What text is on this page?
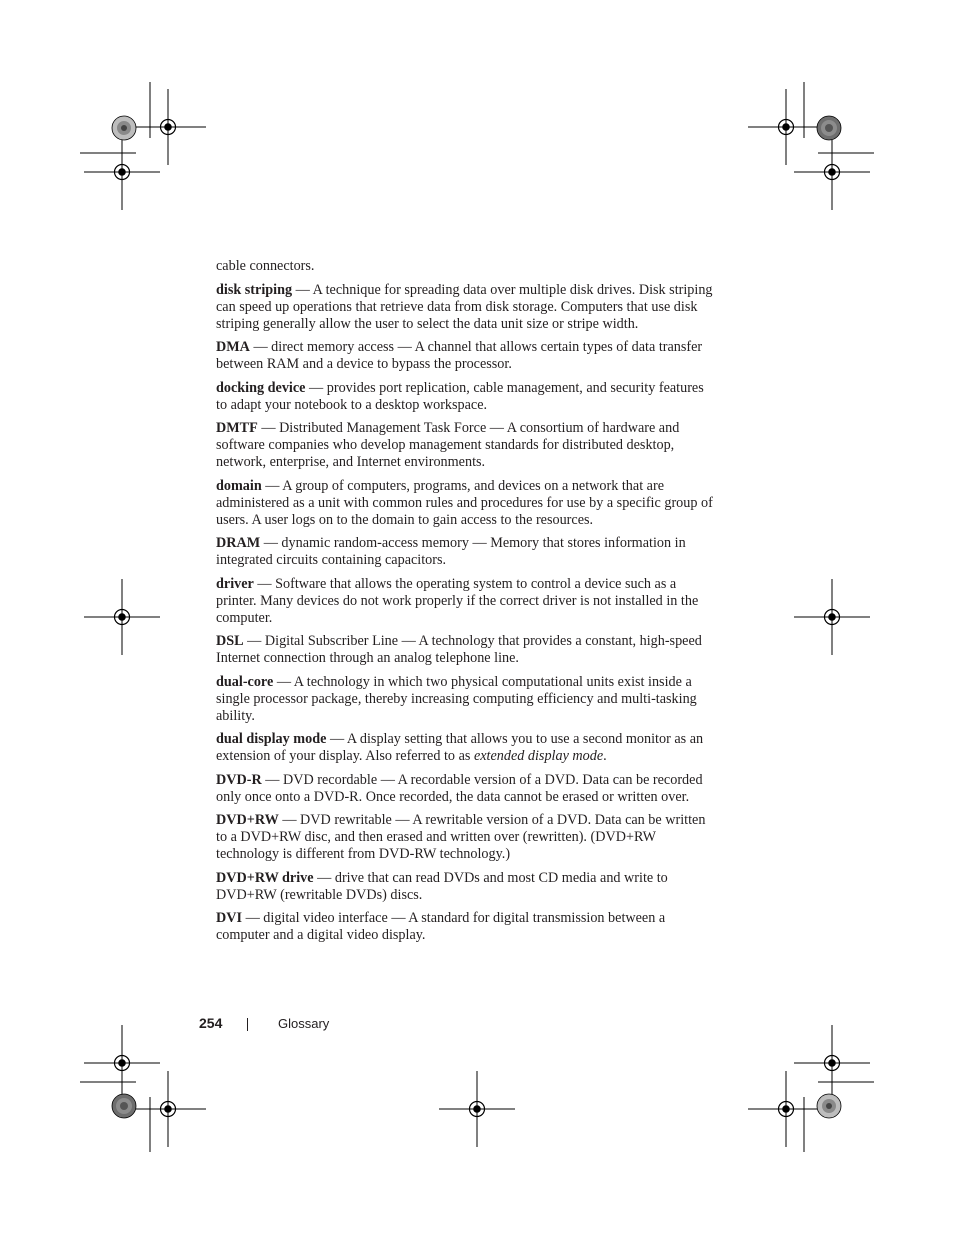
cable connectors.

disk striping — A technique for spreading data over multiple disk drives. Disk striping can speed up operations that retrieve data from disk storage. Computers that use disk striping generally allow the user to select the data unit size or stripe width.

DMA — direct memory access — A channel that allows certain types of data transfer between RAM and a device to bypass the processor.

docking device — provides port replication, cable management, and security features to adapt your notebook to a desktop workspace.

DMTF — Distributed Management Task Force — A consortium of hardware and software companies who develop management standards for distributed desktop, network, enterprise, and Internet environments.

domain — A group of computers, programs, and devices on a network that are administered as a unit with common rules and procedures for use by a specific group of users. A user logs on to the domain to gain access to the resources.

DRAM — dynamic random-access memory — Memory that stores information in integrated circuits containing capacitors.

driver — Software that allows the operating system to control a device such as a printer. Many devices do not work properly if the correct driver is not installed in the computer.

DSL — Digital Subscriber Line — A technology that provides a constant, high-speed Internet connection through an analog telephone line.

dual-core — A technology in which two physical computational units exist inside a single processor package, thereby increasing computing efficiency and multi-tasking ability.

dual display mode — A display setting that allows you to use a second monitor as an extension of your display. Also referred to as extended display mode.

DVD-R — DVD recordable — A recordable version of a DVD. Data can be recorded only once onto a DVD-R. Once recorded, the data cannot be erased or written over.

DVD+RW — DVD rewritable — A rewritable version of a DVD. Data can be written to a DVD+RW disc, and then erased and written over (rewritten). (DVD+RW technology is different from DVD-RW technology.)

DVD+RW drive — drive that can read DVDs and most CD media and write to DVD+RW (rewritable DVDs) discs.

DVI — digital video interface — A standard for digital transmission between a computer and a digital video display.

254	Glossary
